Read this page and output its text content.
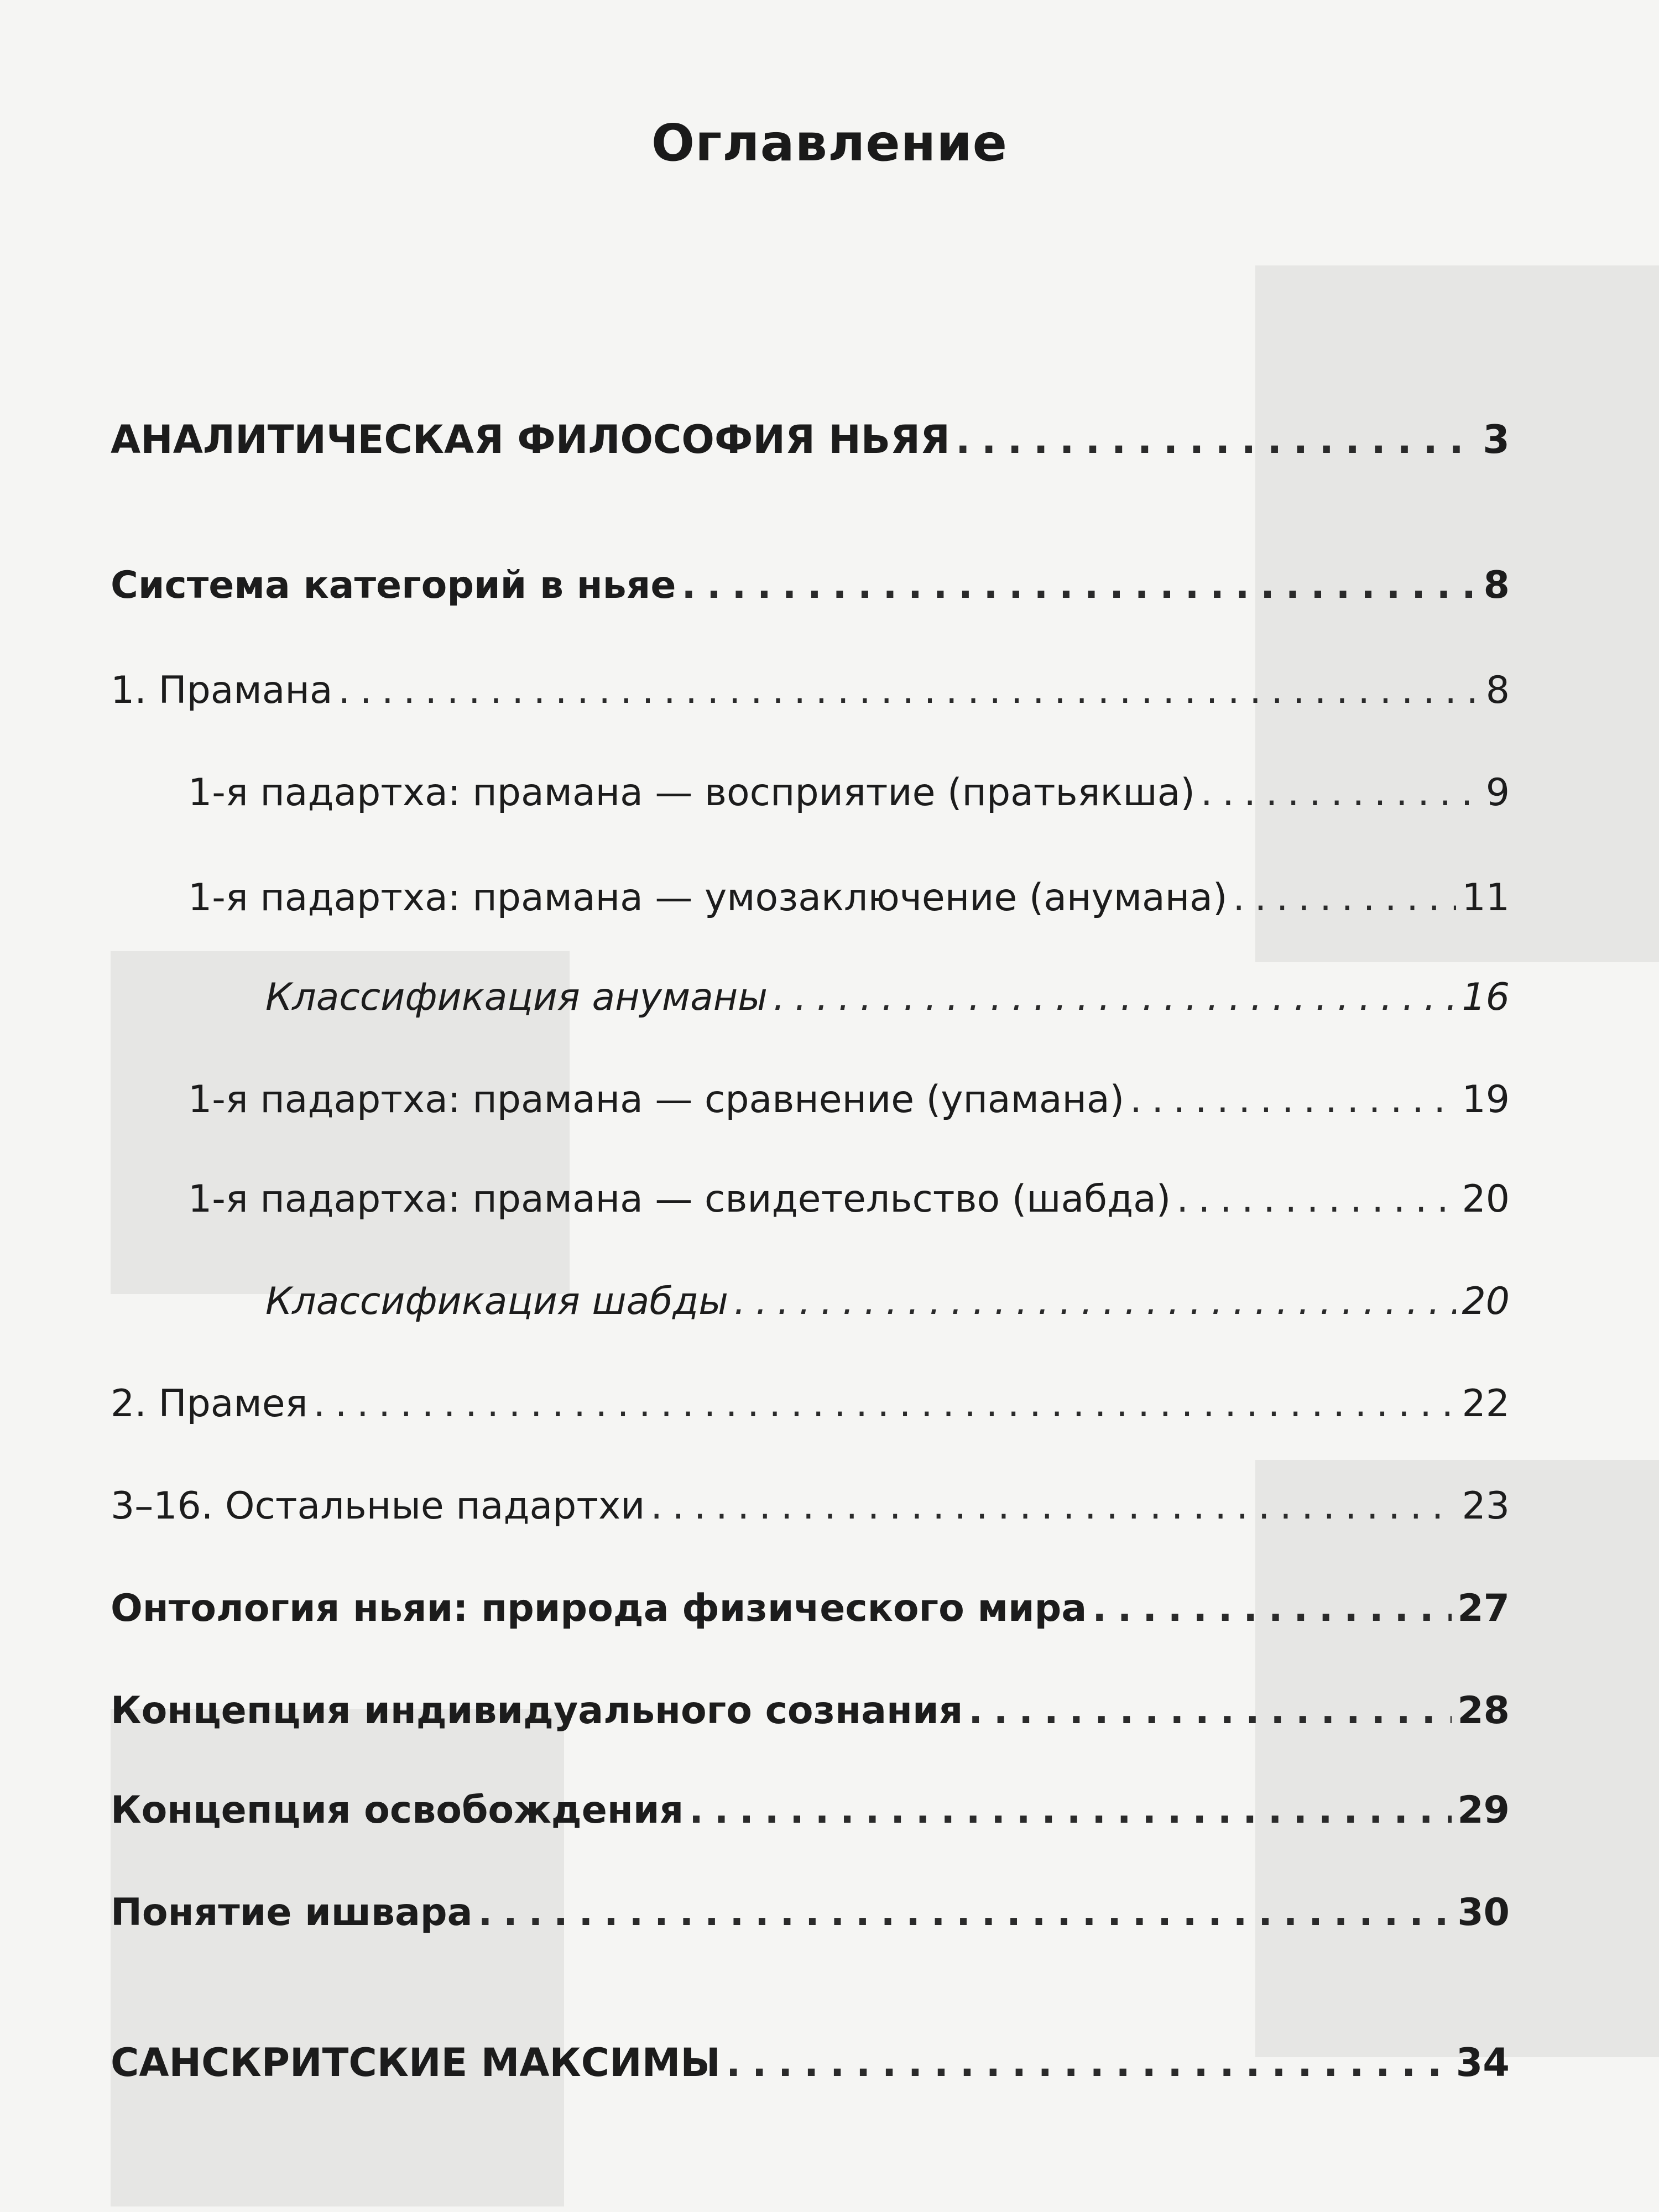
Оглавление
АНАЛИТИЧЕСКАЯ ФИЛОСОФИЯ НЬЯЯ . . .	3
Система категорий в ньяе . . .	8
1. Прамана . . .	8
1-я падартха: прамана — восприятие (пратьякша) . . .	9
1-я падартха: прамана — умозаключение (анумана) . . .	11
Классификация ануманы . . .	16
1-я падартха: прамана — сравнение (упамана) . . .	19
1-я падартха: прамана — свидетельство (шабда) . . .	20
Классификация шабды . . .	20
2. Прамея . . .	22
3–16. Остальные падартхи . . .	23
Онтология ньяи: природа физического мира . . .	27
Концепция индивидуального сознания . . .	28
Концепция освобождения . . .	29
Понятие ишвара . . .	30
САНСКРИТСКИЕ МАКСИМЫ . . .	34
